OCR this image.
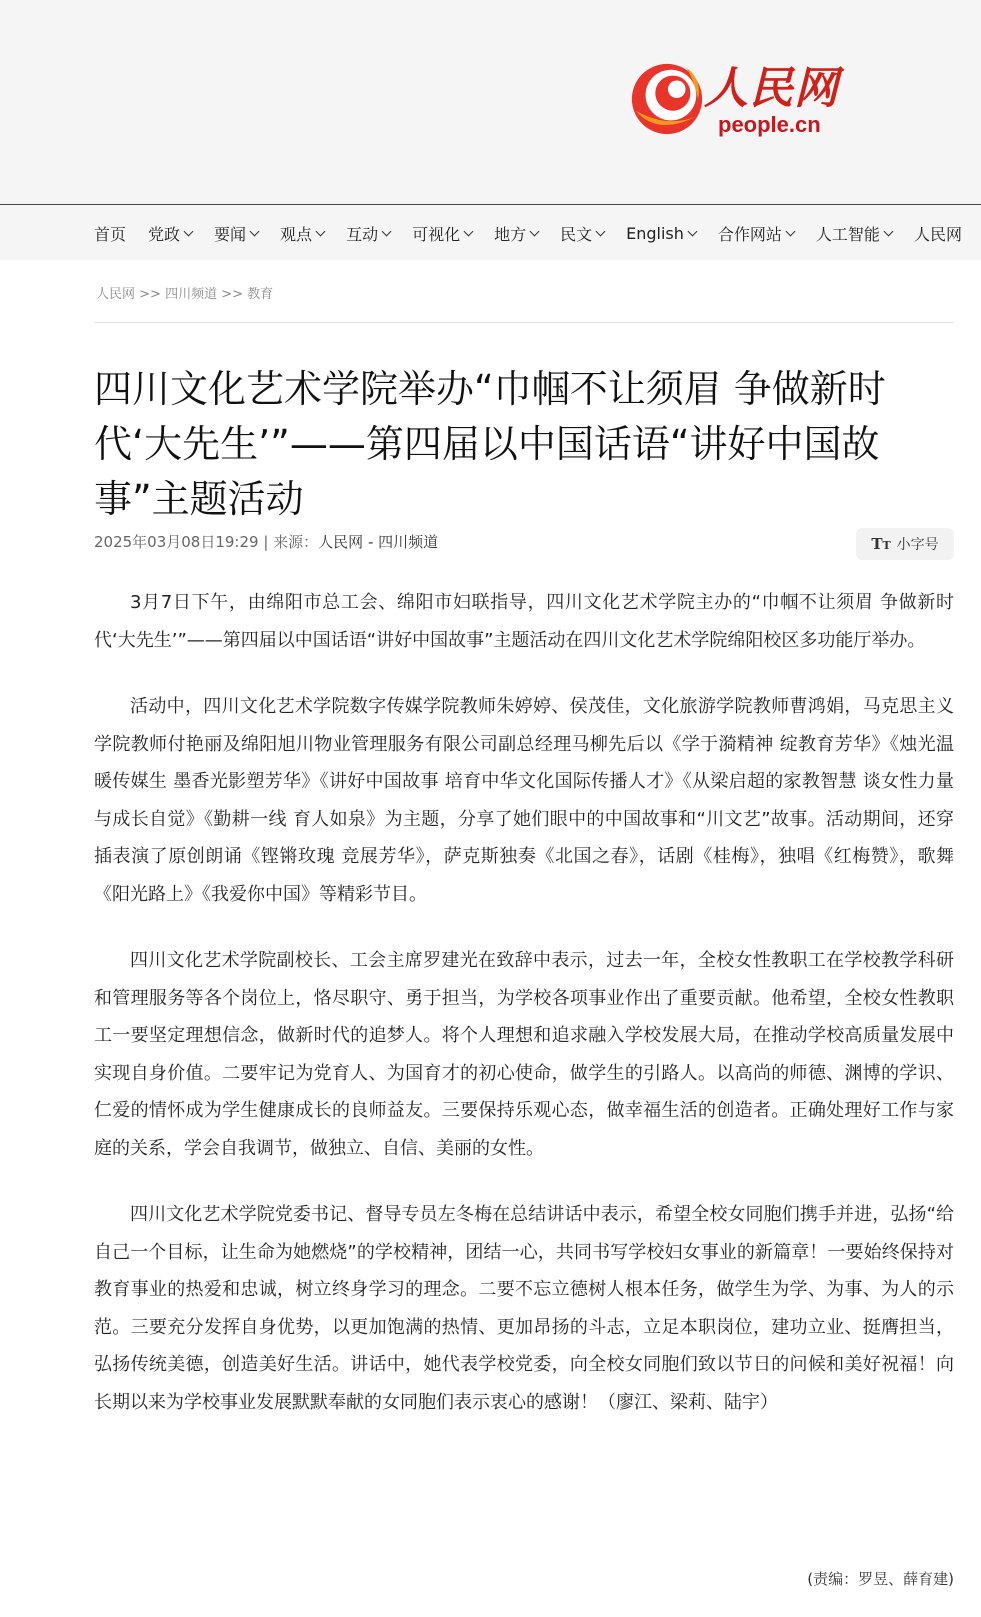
人民网
people.cn
首页 党政 要闻 观点 互动 可视化 地方 民文 English 合作网站 人工智能 人民网
人民网 >> 四川频道 >> 教育
四川文化艺术学院举办“巾帼不让须眉 争做新时代‘大先生’”——第四届以中国话语“讲好中国故事”主题活动
2025年03月08日19:29 | 来源：人民网 - 四川频道	TT 小字号

3月7日下午，由绵阳市总工会、绵阳市妇联指导，四川文化艺术学院主办的“巾帼不让须眉 争做新时代‘大先生’”——第四届以中国话语“讲好中国故事”主题活动在四川文化艺术学院绵阳校区多功能厅举办。

活动中，四川文化艺术学院数字传媒学院教师朱婷婷、侯茂佳，文化旅游学院教师曹鸿娟，马克思主义学院教师付艳丽及绵阳旭川物业管理服务有限公司副总经理马柳先后以《学于漪精神 绽教育芳华》《烛光温暖传媒生 墨香光影塑芳华》《讲好中国故事 培育中华文化国际传播人才》《从梁启超的家教智慧 谈女性力量与成长自觉》《勤耕一线 育人如泉》为主题，分享了她们眼中的中国故事和“川文艺”故事。活动期间，还穿插表演了原创朗诵《铿锵玫瑰 竞展芳华》，萨克斯独奏《北国之春》，话剧《桂梅》，独唱《红梅赞》，歌舞《阳光路上》《我爱你中国》等精彩节目。

四川文化艺术学院副校长、工会主席罗建光在致辞中表示，过去一年，全校女性教职工在学校教学科研和管理服务等各个岗位上，恪尽职守、勇于担当，为学校各项事业作出了重要贡献。他希望，全校女性教职工一要坚定理想信念，做新时代的追梦人。将个人理想和追求融入学校发展大局，在推动学校高质量发展中实现自身价值。二要牢记为党育人、为国育才的初心使命，做学生的引路人。以高尚的师德、渊博的学识、仁爱的情怀成为学生健康成长的良师益友。三要保持乐观心态，做幸福生活的创造者。正确处理好工作与家庭的关系，学会自我调节，做独立、自信、美丽的女性。

四川文化艺术学院党委书记、督导专员左冬梅在总结讲话中表示，希望全校女同胞们携手并进，弘扬“给自己一个目标，让生命为她燃烧”的学校精神，团结一心，共同书写学校妇女事业的新篇章！一要始终保持对教育事业的热爱和忠诚，树立终身学习的理念。二要不忘立德树人根本任务，做学生为学、为事、为人的示范。三要充分发挥自身优势，以更加饱满的热情、更加昂扬的斗志，立足本职岗位，建功立业、挺膺担当，弘扬传统美德，创造美好生活。讲话中，她代表学校党委，向全校女同胞们致以节日的问候和美好祝福！向长期以来为学校事业发展默默奉献的女同胞们表示衷心的感谢！（廖江、梁莉、陆宇）

(责编：罗昱、薛育建)
